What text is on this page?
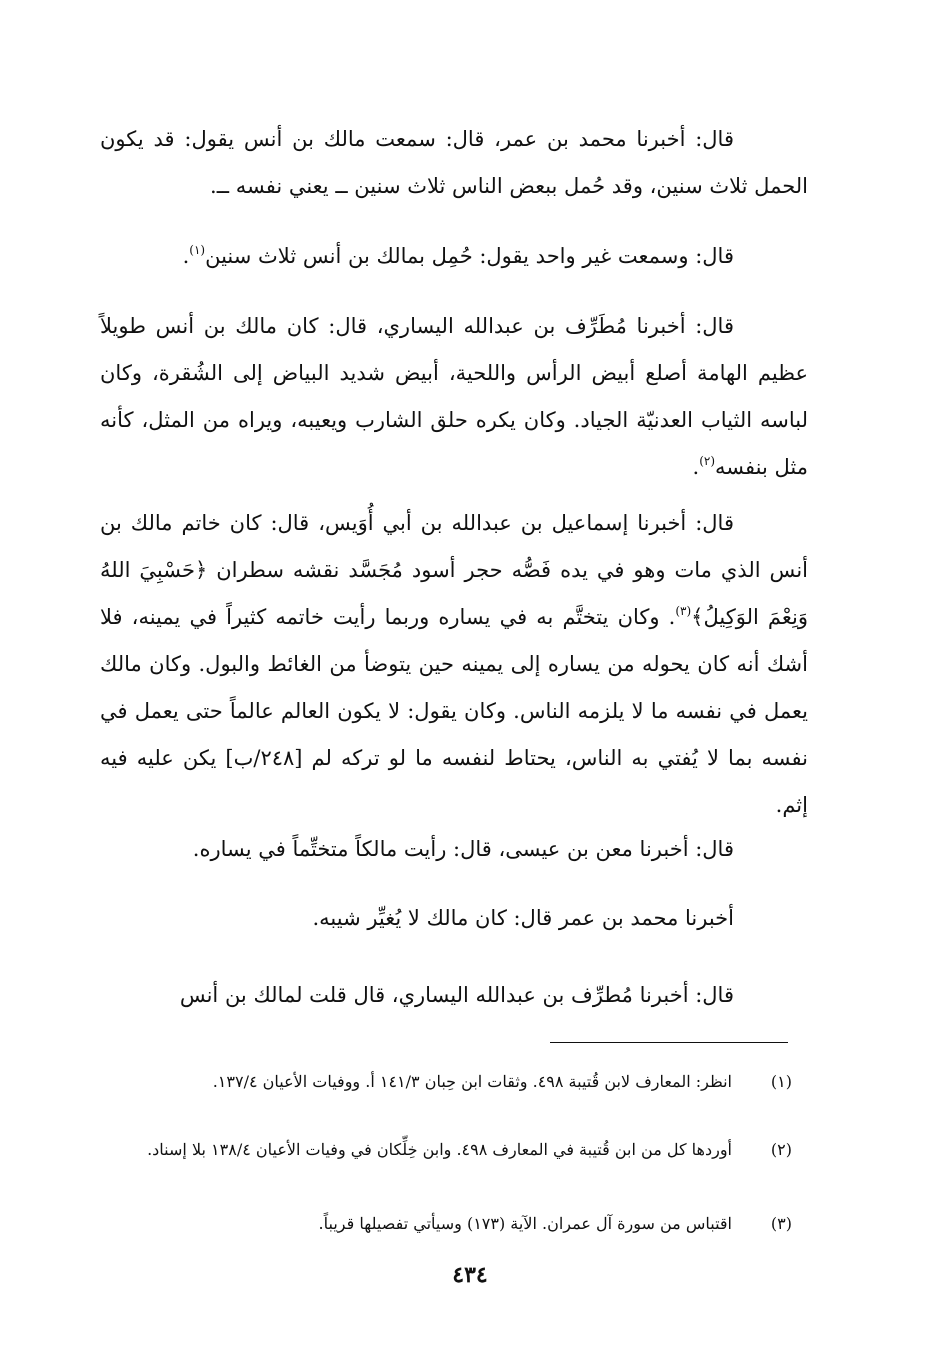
قال: أخبرنا محمد بن عمر، قال: سمعت مالك بن أنس يقول: قد يكون الحمل ثلاث سنين، وقد حُمل ببعض الناس ثلاث سنين ــ يعني نفسه ــ.

قال: وسمعت غير واحد يقول: حُمِل بمالك بن أنس ثلاث سنين$^{(١)}$.

قال: أخبرنا مُطَرِّف بن عبدالله اليساري، قال: كان مالك بن أنس طويلاً عظيم الهامة أصلع أبيض الرأس واللحية، أبيض شديد البياض إلى الشُقرة، وكان لباسه الثياب العدنيّة الجياد. وكان يكره حلق الشارب ويعيبه، ويراه من المثل، كأنه مثل بنفسه$^{(٢)}$.

قال: أخبرنا إسماعيل بن عبدالله بن أبي أُوَيس، قال: كان خاتم مالك بن أنس الذي مات وهو في يده فَصُّه حجر أسود مُجَسَّد نقشه سطران ﴿حَسْبِيَ اللهُ وَنِعْمَ الوَكِيلُ﴾$^{(٣)}$. وكان يتختَّم به في يساره وربما رأيت خاتمه كثيراً في يمينه، فلا أشك أنه كان يحوله من يساره إلى يمينه حين يتوضأ من الغائط والبول. وكان مالك يعمل في نفسه ما لا يلزمه الناس. وكان يقول: لا يكون العالم عالماً حتى يعمل في نفسه بما لا يُفتي به الناس، يحتاط لنفسه ما لو تركه لم [٢٤٨/ب] يكن عليه فيه إثم.

قال: أخبرنا معن بن عيسى، قال: رأيت مالكاً متختِّماً في يساره.

أخبرنا محمد بن عمر قال: كان مالك لا يُغيِّر شيبه.

قال: أخبرنا مُطرِّف بن عبدالله اليساري، قال قلت لمالك بن أنس

(١)
انظر: المعارف لابن قُتيبة ٤٩٨. وثقات ابن حِبان ١٤١/٣ أ. ووفيات الأعيان ١٣٧/٤.
(٢)
أوردها كل من ابن قُتيبة في المعارف ٤٩٨. وابن خِلِّكان في وفيات الأعيان ١٣٨/٤ بلا إسناد.
(٣)
اقتباس من سورة آل عمران. الآية (١٧٣) وسيأتي تفصيلها قريباً.
٤٣٤
